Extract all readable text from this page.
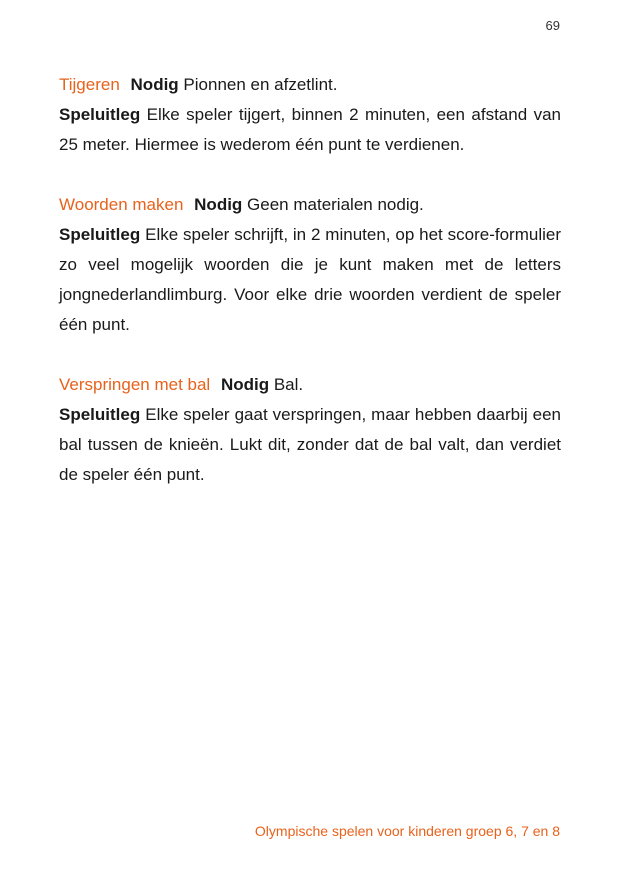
69

Tijgeren Nodig Pionnen en afzetlint.

Speluitleg Elke speler tijgert, binnen 2 minuten, een afstand van 25 meter. Hiermee is wederom één punt te verdienen.

Woorden maken Nodig Geen materialen nodig.

Speluitleg Elke speler schrijft, in 2 minuten, op het score-formulier zo veel mogelijk woorden die je kunt maken met de letters jongnederlandlimburg. Voor elke drie woorden verdient de speler één punt.

Verspringen met bal Nodig Bal.

Speluitleg Elke speler gaat verspringen, maar hebben daarbij een bal tussen de knieën. Lukt dit, zonder dat de bal valt, dan verdiet de speler één punt.

Olympische spelen voor kinderen groep 6, 7 en 8
